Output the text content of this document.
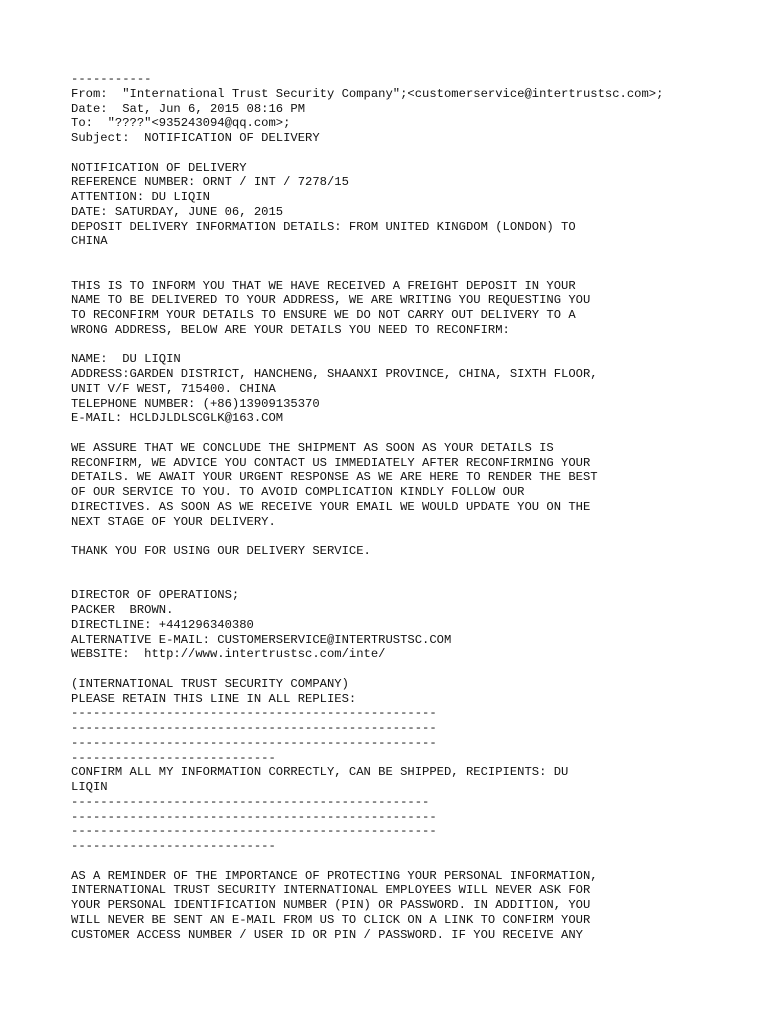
-----------
From:  "International Trust Security Company";<customerservice@intertrustsc.com>;
Date:  Sat, Jun 6, 2015 08:16 PM
To:  "????"<935243094@qq.com>;
Subject:  NOTIFICATION OF DELIVERY
NOTIFICATION OF DELIVERY
REFERENCE NUMBER: ORNT / INT / 7278/15
ATTENTION: DU LIQIN
DATE: SATURDAY, JUNE 06, 2015
DEPOSIT DELIVERY INFORMATION DETAILS: FROM UNITED KINGDOM (LONDON) TO
CHINA
THIS IS TO INFORM YOU THAT WE HAVE RECEIVED A FREIGHT DEPOSIT IN YOUR
NAME TO BE DELIVERED TO YOUR ADDRESS, WE ARE WRITING YOU REQUESTING YOU
TO RECONFIRM YOUR DETAILS TO ENSURE WE DO NOT CARRY OUT DELIVERY TO A
WRONG ADDRESS, BELOW ARE YOUR DETAILS YOU NEED TO RECONFIRM:
NAME:  DU LIQIN
ADDRESS:GARDEN DISTRICT, HANCHENG, SHAANXI PROVINCE, CHINA, SIXTH FLOOR,
UNIT V/F WEST, 715400. CHINA
TELEPHONE NUMBER: (+86)13909135370
E-MAIL: HCLDJLDLSCGLK@163.COM
WE ASSURE THAT WE CONCLUDE THE SHIPMENT AS SOON AS YOUR DETAILS IS
RECONFIRM, WE ADVICE YOU CONTACT US IMMEDIATELY AFTER RECONFIRMING YOUR
DETAILS. WE AWAIT YOUR URGENT RESPONSE AS WE ARE HERE TO RENDER THE BEST
OF OUR SERVICE TO YOU. TO AVOID COMPLICATION KINDLY FOLLOW OUR
DIRECTIVES. AS SOON AS WE RECEIVE YOUR EMAIL WE WOULD UPDATE YOU ON THE
NEXT STAGE OF YOUR DELIVERY.
THANK YOU FOR USING OUR DELIVERY SERVICE.
DIRECTOR OF OPERATIONS;
PACKER  BROWN.
DIRECTLINE: +441296340380
ALTERNATIVE E-MAIL: CUSTOMERSERVICE@INTERTRUSTSC.COM
WEBSITE:  http://www.intertrustsc.com/inte/
(INTERNATIONAL TRUST SECURITY COMPANY)
PLEASE RETAIN THIS LINE IN ALL REPLIES:
--------------------------------------------------
--------------------------------------------------
--------------------------------------------------
----------------------------
CONFIRM ALL MY INFORMATION CORRECTLY, CAN BE SHIPPED, RECIPIENTS: DU
LIQIN
-------------------------------------------------
--------------------------------------------------
--------------------------------------------------
----------------------------
AS A REMINDER OF THE IMPORTANCE OF PROTECTING YOUR PERSONAL INFORMATION,
INTERNATIONAL TRUST SECURITY INTERNATIONAL EMPLOYEES WILL NEVER ASK FOR
YOUR PERSONAL IDENTIFICATION NUMBER (PIN) OR PASSWORD. IN ADDITION, YOU
WILL NEVER BE SENT AN E-MAIL FROM US TO CLICK ON A LINK TO CONFIRM YOUR
CUSTOMER ACCESS NUMBER / USER ID OR PIN / PASSWORD. IF YOU RECEIVE ANY
